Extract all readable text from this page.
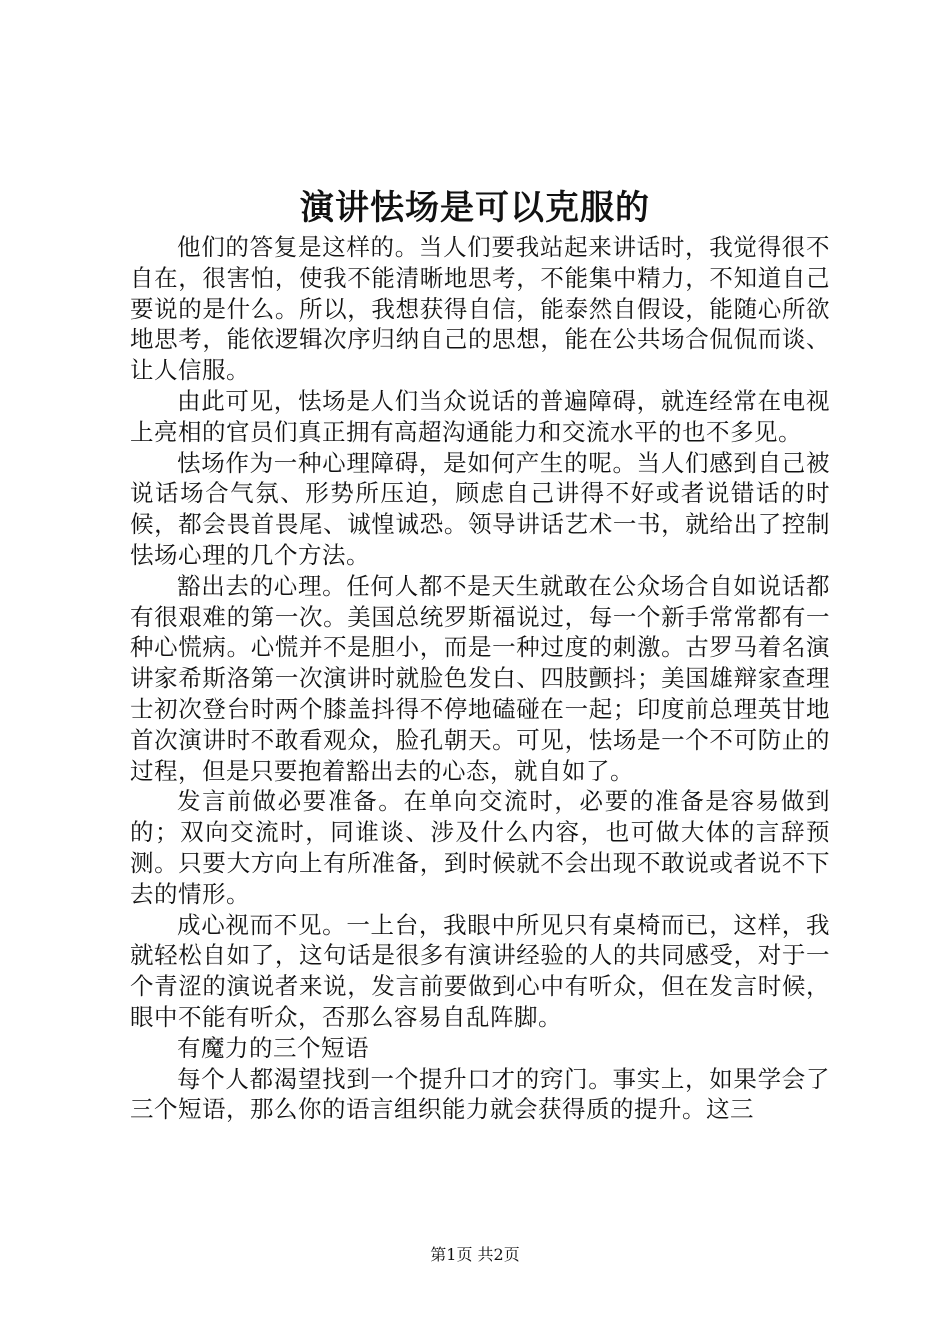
演讲怯场是可以克服的

他们的答复是这样的。当人们要我站起来讲话时，我觉得很不自在，很害怕，使我不能清晰地思考，不能集中精力，不知道自己要说的是什么。所以，我想获得自信，能泰然自假设，能随心所欲地思考，能依逻辑次序归纳自己的思想，能在公共场合侃侃而谈、让人信服。

由此可见，怯场是人们当众说话的普遍障碍，就连经常在电视上亮相的官员们真正拥有高超沟通能力和交流水平的也不多见。

怯场作为一种心理障碍，是如何产生的呢。当人们感到自己被说话场合气氛、形势所压迫，顾虑自己讲得不好或者说错话的时候，都会畏首畏尾、诚惶诚恐。领导讲话艺术一书，就给出了控制怯场心理的几个方法。

豁出去的心理。任何人都不是天生就敢在公众场合自如说话都有很艰难的第一次。美国总统罗斯福说过，每一个新手常常都有一种心慌病。心慌并不是胆小，而是一种过度的刺激。古罗马着名演讲家希斯洛第一次演讲时就脸色发白、四肢颤抖；美国雄辩家查理士初次登台时两个膝盖抖得不停地磕碰在一起；印度前总理英甘地首次演讲时不敢看观众，脸孔朝天。可见，怯场是一个不可防止的过程，但是只要抱着豁出去的心态，就自如了。

发言前做必要准备。在单向交流时，必要的准备是容易做到的；双向交流时，同谁谈、涉及什么内容，也可做大体的言辞预测。只要大方向上有所准备，到时候就不会出现不敢说或者说不下去的情形。

成心视而不见。一上台，我眼中所见只有桌椅而已，这样，我就轻松自如了，这句话是很多有演讲经验的人的共同感受，对于一个青涩的演说者来说，发言前要做到心中有听众，但在发言时候，眼中不能有听众，否那么容易自乱阵脚。

有魔力的三个短语

每个人都渴望找到一个提升口才的窍门。事实上，如果学会了三个短语，那么你的语言组织能力就会获得质的提升。这三

第1页 共2页
